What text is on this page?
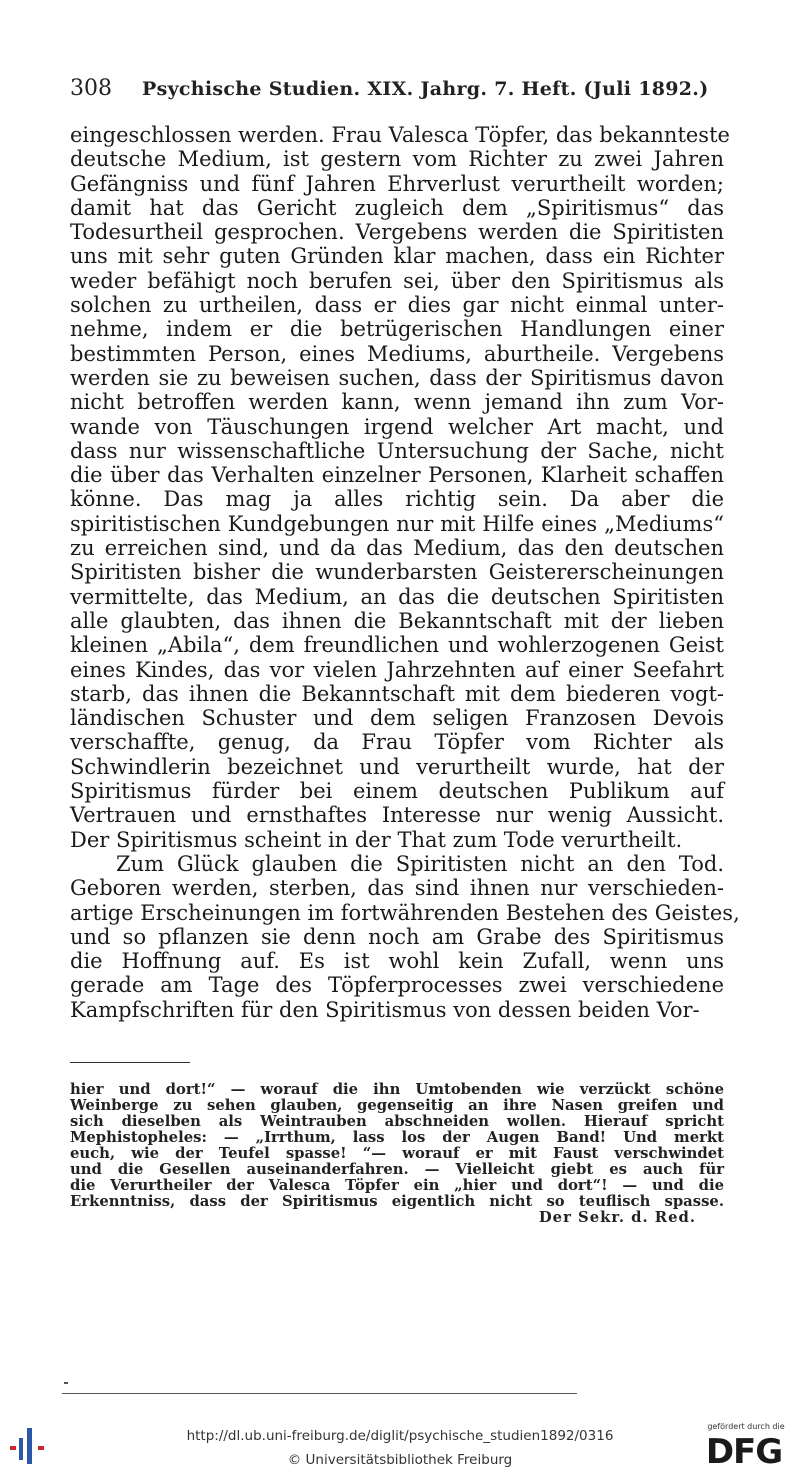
308 Psychische Studien. XIX. Jahrg. 7. Heft. (Juli 1892.)
eingeschlossen werden. Frau Valesca Töpfer, das bekannteste
deutsche Medium, ist gestern vom Richter zu zwei Jahren
Gefängniss und fünf Jahren Ehrverlust verurtheilt worden;
damit hat das Gericht zugleich dem „Spiritismus“ das
Todesurtheil gesprochen. Vergebens werden die Spiritisten
uns mit sehr guten Gründen klar machen, dass ein Richter
weder befähigt noch berufen sei, über den Spiritismus als
solchen zu urtheilen, dass er dies gar nicht einmal unter-
nehme, indem er die betrügerischen Handlungen einer
bestimmten Person, eines Mediums, aburtheile. Vergebens
werden sie zu beweisen suchen, dass der Spiritismus davon
nicht betroffen werden kann, wenn jemand ihn zum Vor-
wande von Täuschungen irgend welcher Art macht, und
dass nur wissenschaftliche Untersuchung der Sache, nicht
die über das Verhalten einzelner Personen, Klarheit schaffen
könne. Das mag ja alles richtig sein. Da aber die
spiritistischen Kundgebungen nur mit Hilfe eines „Mediums“
zu erreichen sind, und da das Medium, das den deutschen
Spiritisten bisher die wunderbarsten Geistererscheinungen
vermittelte, das Medium, an das die deutschen Spiritisten
alle glaubten, das ihnen die Bekanntschaft mit der lieben
kleinen „Abila“, dem freundlichen und wohlerzogenen Geist
eines Kindes, das vor vielen Jahrzehnten auf einer Seefahrt
starb, das ihnen die Bekanntschaft mit dem biederen vogt-
ländischen Schuster und dem seligen Franzosen Devois
verschaffte, genug, da Frau Töpfer vom Richter als
Schwindlerin bezeichnet und verurtheilt wurde, hat der
Spiritismus fürder bei einem deutschen Publikum auf
Vertrauen und ernsthaftes Interesse nur wenig Aussicht.
Der Spiritismus scheint in der That zum Tode verurtheilt.
Zum Glück glauben die Spiritisten nicht an den Tod.
Geboren werden, sterben, das sind ihnen nur verschieden-
artige Erscheinungen im fortwährenden Bestehen des Geistes,
und so pflanzen sie denn noch am Grabe des Spiritismus
die Hoffnung auf. Es ist wohl kein Zufall, wenn uns
gerade am Tage des Töpferprocesses zwei verschiedene
Kampfschriften für den Spiritismus von dessen beiden Vor-
hier und dort!“ — worauf die ihn Umtobenden wie verzückt schöne
Weinberge zu sehen glauben, gegenseitig an ihre Nasen greifen und
sich dieselben als Weintrauben abschneiden wollen. Hierauf spricht
Mephistopheles: — „Irrthum, lass los der Augen Band! Und merkt
euch, wie der Teufel spasse! “— worauf er mit Faust verschwindet
und die Gesellen auseinanderfahren. — Vielleicht giebt es auch für
die Verurtheiler der Valesca Töpfer ein „hier und dort“! — und die
Erkenntniss, dass der Spiritismus eigentlich nicht so teuflisch spasse.
Der Sekr. d. Red.
http://dl.ub.uni-freiburg.de/diglit/psychische_studien1892/0316
© Universitätsbibliothek Freiburg
gefördert durch die
DFG
